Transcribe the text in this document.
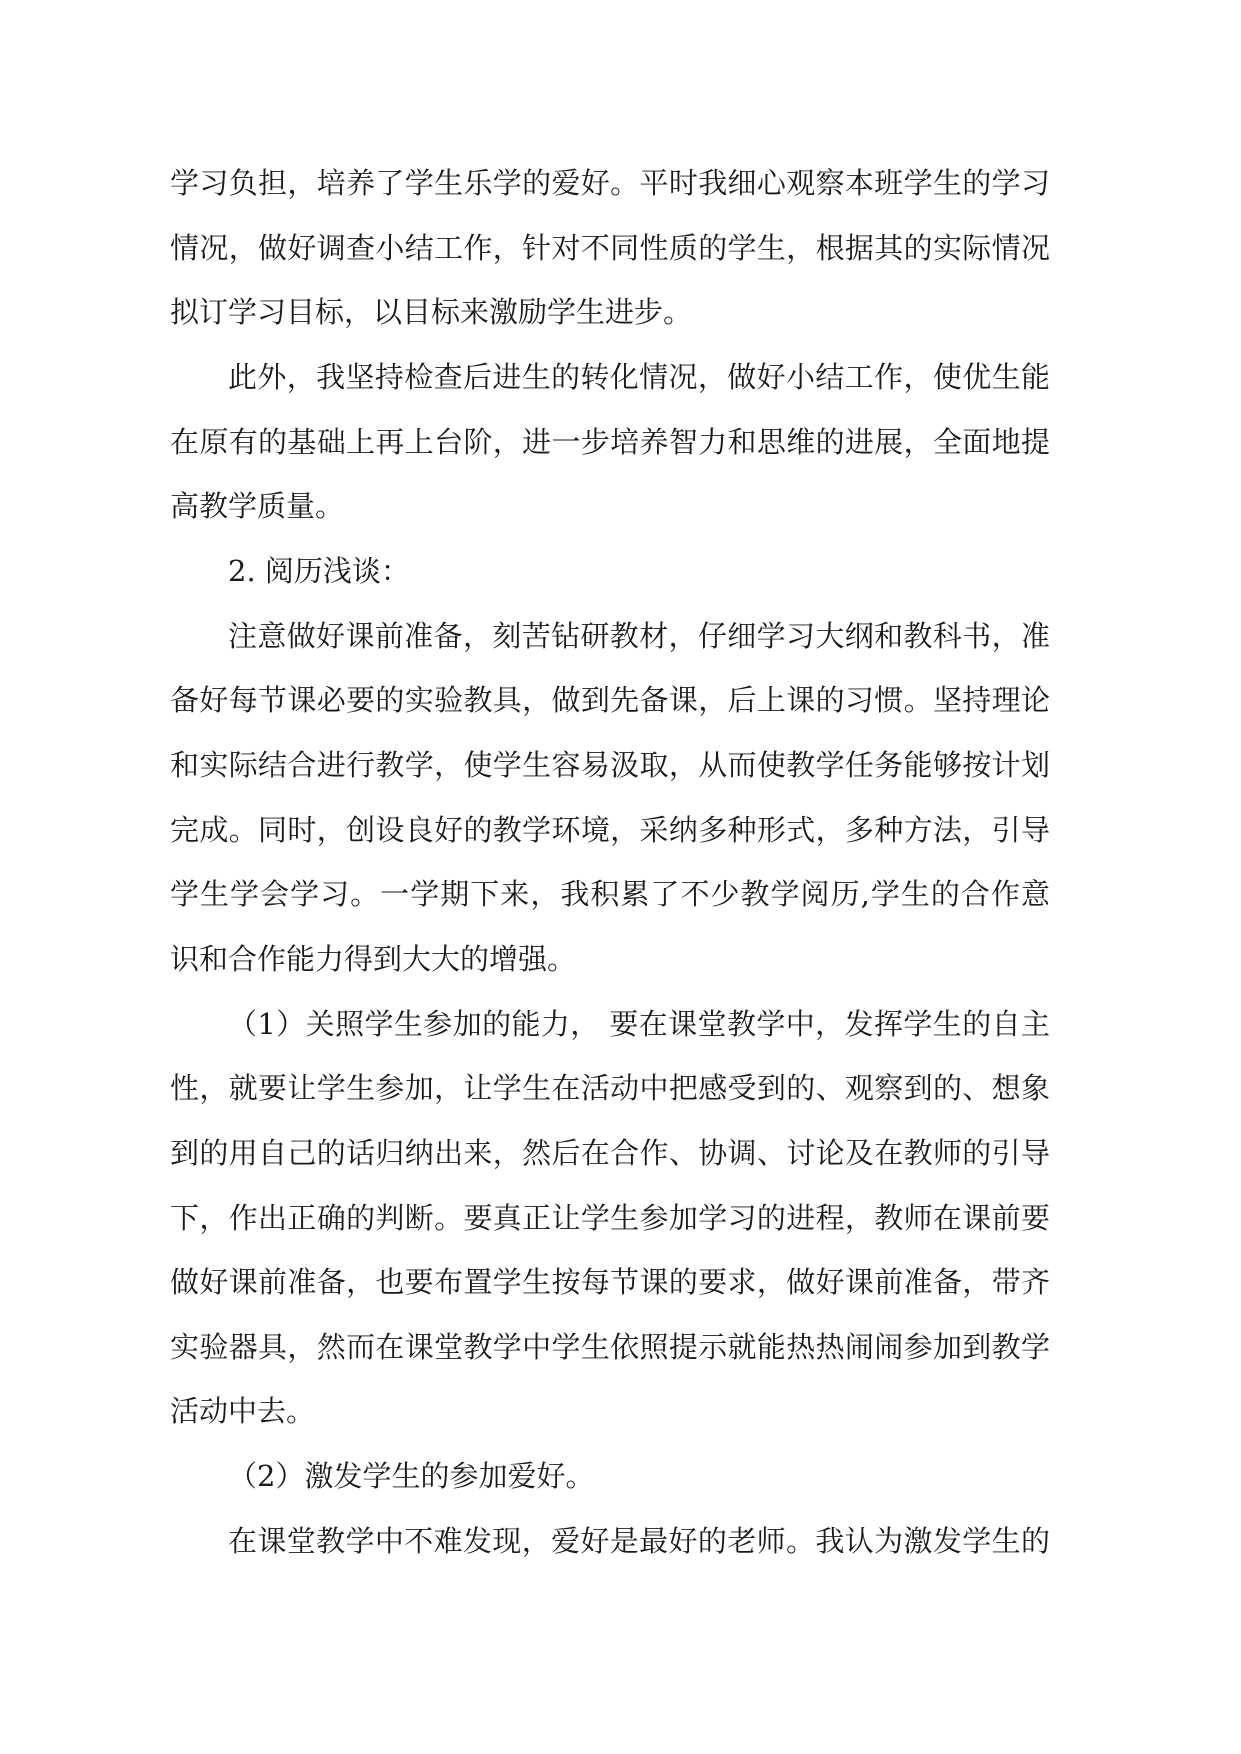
学习负担，培养了学生乐学的爱好。平时我细心观察本班学生的学习
情况，做好调查小结工作，针对不同性质的学生，根据其的实际情况
拟订学习目标，以目标来激励学生进步。
此外，我坚持检查后进生的转化情况，做好小结工作，使优生能
在原有的基础上再上台阶，进一步培养智力和思维的进展，全面地提
高教学质量。
2. 阅历浅谈：
注意做好课前准备，刻苦钻研教材，仔细学习大纲和教科书，准
备好每节课必要的实验教具，做到先备课，后上课的习惯。坚持理论
和实际结合进行教学，使学生容易汲取，从而使教学任务能够按计划
完成。同时，创设良好的教学环境，采纳多种形式，多种方法，引导
学生学会学习。一学期下来，我积累了不少教学阅历,学生的合作意
识和合作能力得到大大的增强。
（1）关照学生参加的能力， 要在课堂教学中，发挥学生的自主
性，就要让学生参加，让学生在活动中把感受到的、观察到的、想象
到的用自己的话归纳出来，然后在合作、协调、讨论及在教师的引导
下，作出正确的判断。要真正让学生参加学习的进程，教师在课前要
做好课前准备，也要布置学生按每节课的要求，做好课前准备，带齐
实验器具，然而在课堂教学中学生依照提示就能热热闹闹参加到教学
活动中去。
（2）激发学生的参加爱好。
在课堂教学中不难发现，爱好是最好的老师。我认为激发学生的
